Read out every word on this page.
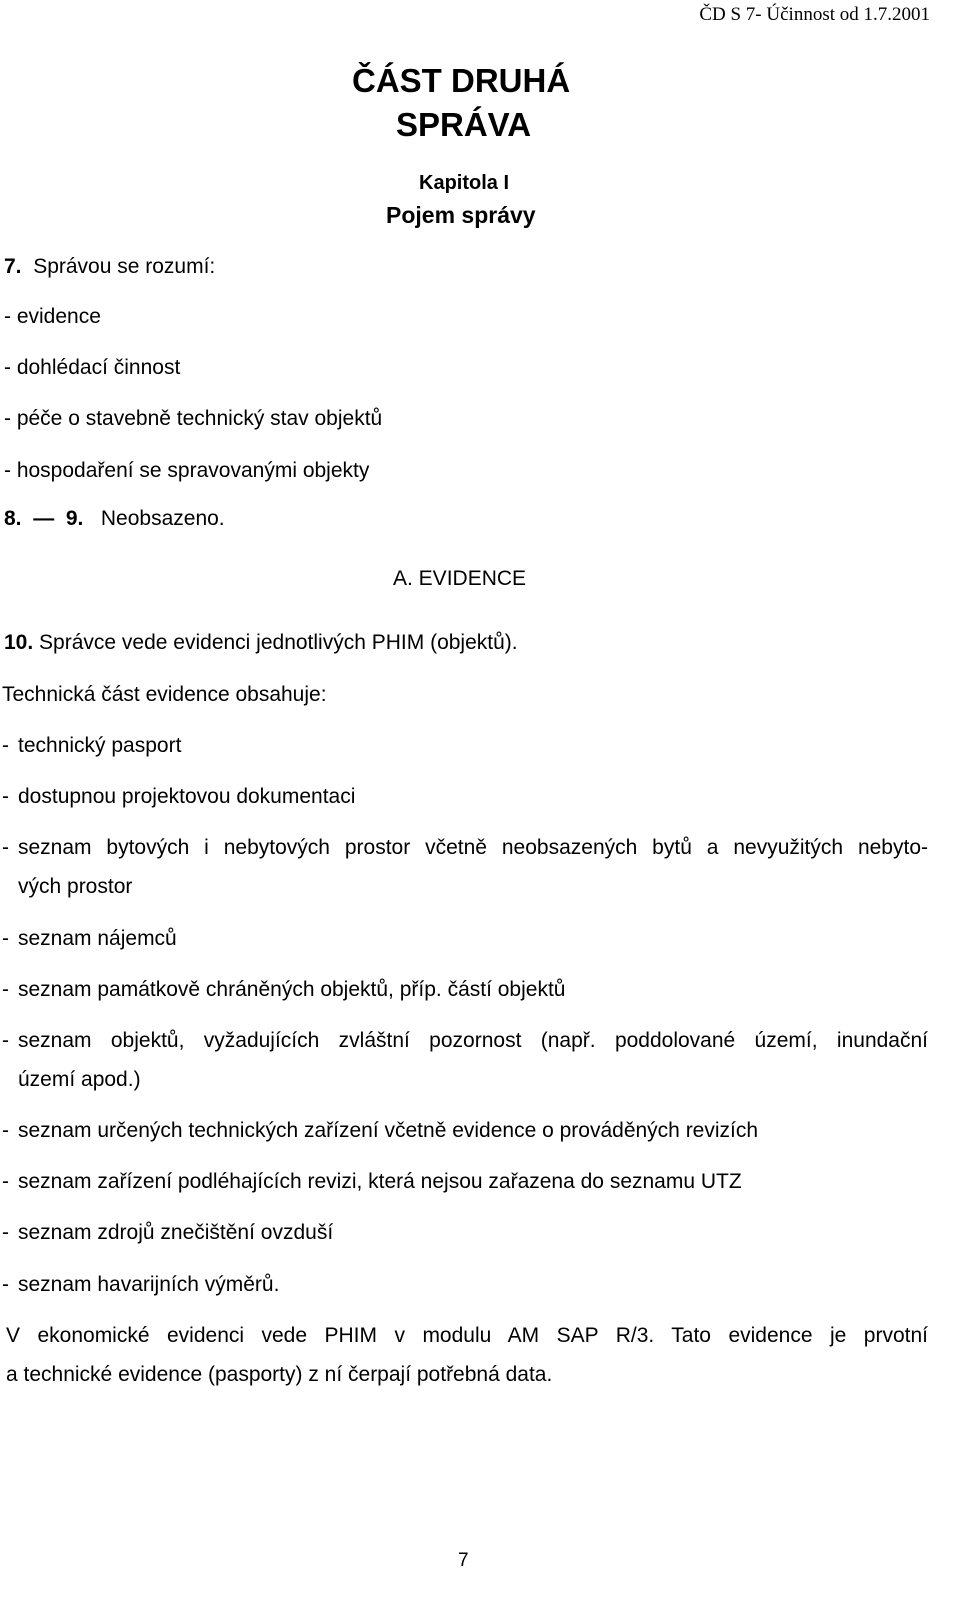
ČD S 7- Účinnost od 1.7.2001
ČÁST DRUHÁ
SPRÁVA
Kapitola I
Pojem správy
7. Správou se rozumí:
- evidence
- dohlédací činnost
- péče o stavebně technický stav objektů
- hospodaření se spravovanými objekty
8. — 9. Neobsazeno.
A. EVIDENCE
10. Správce vede evidenci jednotlivých PHIM (objektů).
Technická část evidence obsahuje:
- technický pasport
- dostupnou projektovou dokumentaci
- seznam bytových i nebytových prostor včetně neobsazených bytů a nevyužitých nebyto-
vých prostor
- seznam nájemců
- seznam památkově chráněných objektů, příp. částí objektů
- seznam objektů, vyžadujících zvláštní pozornost (např. poddolované území, inundační
území apod.)
- seznam určených technických zařízení včetně evidence o prováděných revizích
- seznam zařízení podléhajících revizi, která nejsou zařazena do seznamu UTZ
- seznam zdrojů znečištění ovzduší
- seznam havarijních výměrů.
V ekonomické evidenci vede PHIM v modulu AM SAP R/3. Tato evidence je prvotní
a technické evidence (pasporty) z ní čerpají potřebná data.
7
